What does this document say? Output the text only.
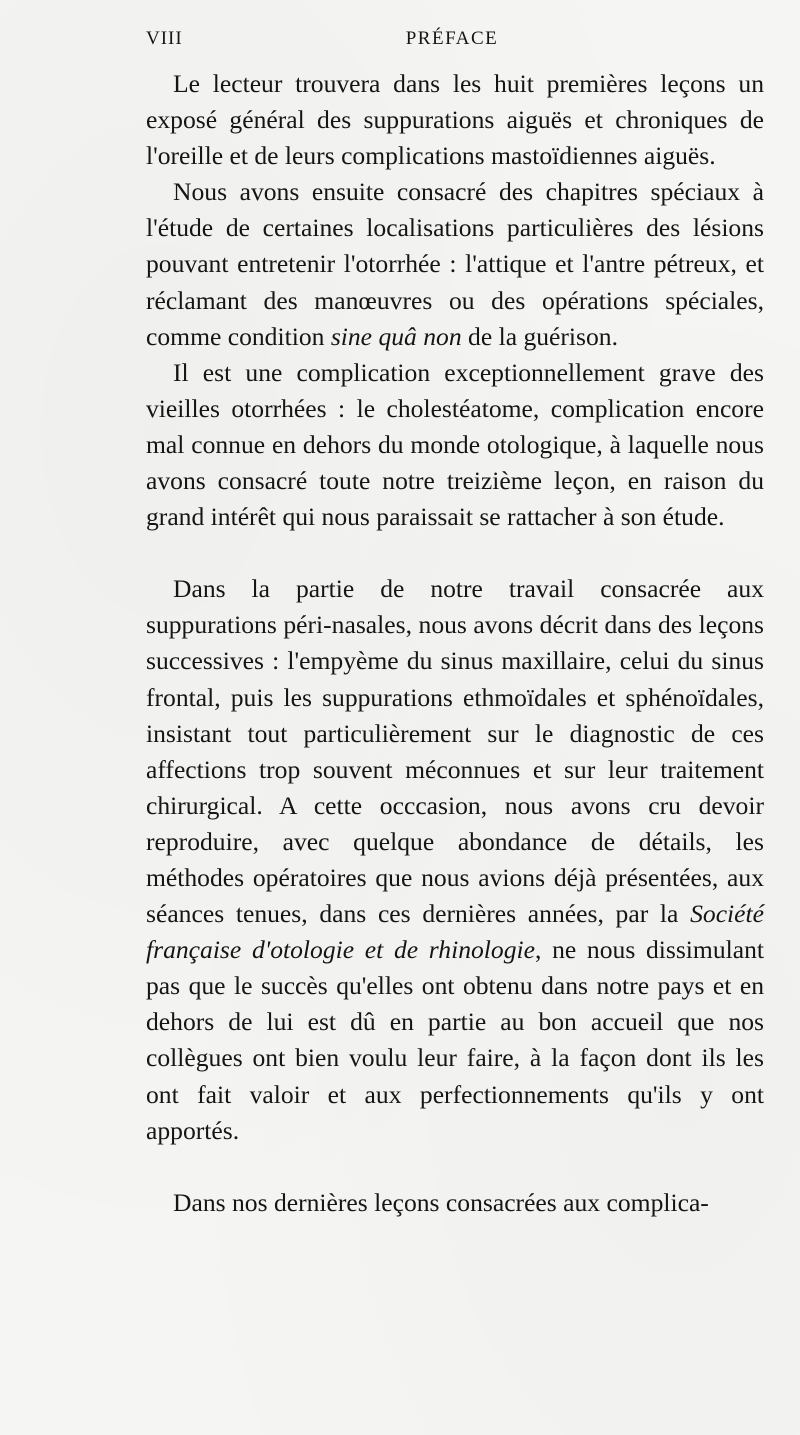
VIII	PRÉFACE

Le lecteur trouvera dans les huit premières leçons un exposé général des suppurations aiguës et chroniques de l'oreille et de leurs complications mastoïdiennes aiguës.

Nous avons ensuite consacré des chapitres spéciaux à l'étude de certaines localisations particulières des lésions pouvant entretenir l'otorrhée : l'attique et l'antre pétreux, et réclamant des manœuvres ou des opérations spéciales, comme condition sine quâ non de la guérison.

Il est une complication exceptionnellement grave des vieilles otorrhées : le cholestéatome, complication encore mal connue en dehors du monde otologique, à laquelle nous avons consacré toute notre treizième leçon, en raison du grand intérêt qui nous paraissait se rattacher à son étude.

Dans la partie de notre travail consacrée aux suppurations péri-nasales, nous avons décrit dans des leçons successives : l'empyème du sinus maxillaire, celui du sinus frontal, puis les suppurations ethmoïdales et sphénoïdales, insistant tout particulièrement sur le diagnostic de ces affections trop souvent méconnues et sur leur traitement chirurgical. A cette occcasion, nous avons cru devoir reproduire, avec quelque abondance de détails, les méthodes opératoires que nous avions déjà présentées, aux séances tenues, dans ces dernières années, par la Société française d'otologie et de rhinologie, ne nous dissimulant pas que le succès qu'elles ont obtenu dans notre pays et en dehors de lui est dû en partie au bon accueil que nos collègues ont bien voulu leur faire, à la façon dont ils les ont fait valoir et aux perfectionnements qu'ils y ont apportés.

Dans nos dernières leçons consacrées aux complica-
